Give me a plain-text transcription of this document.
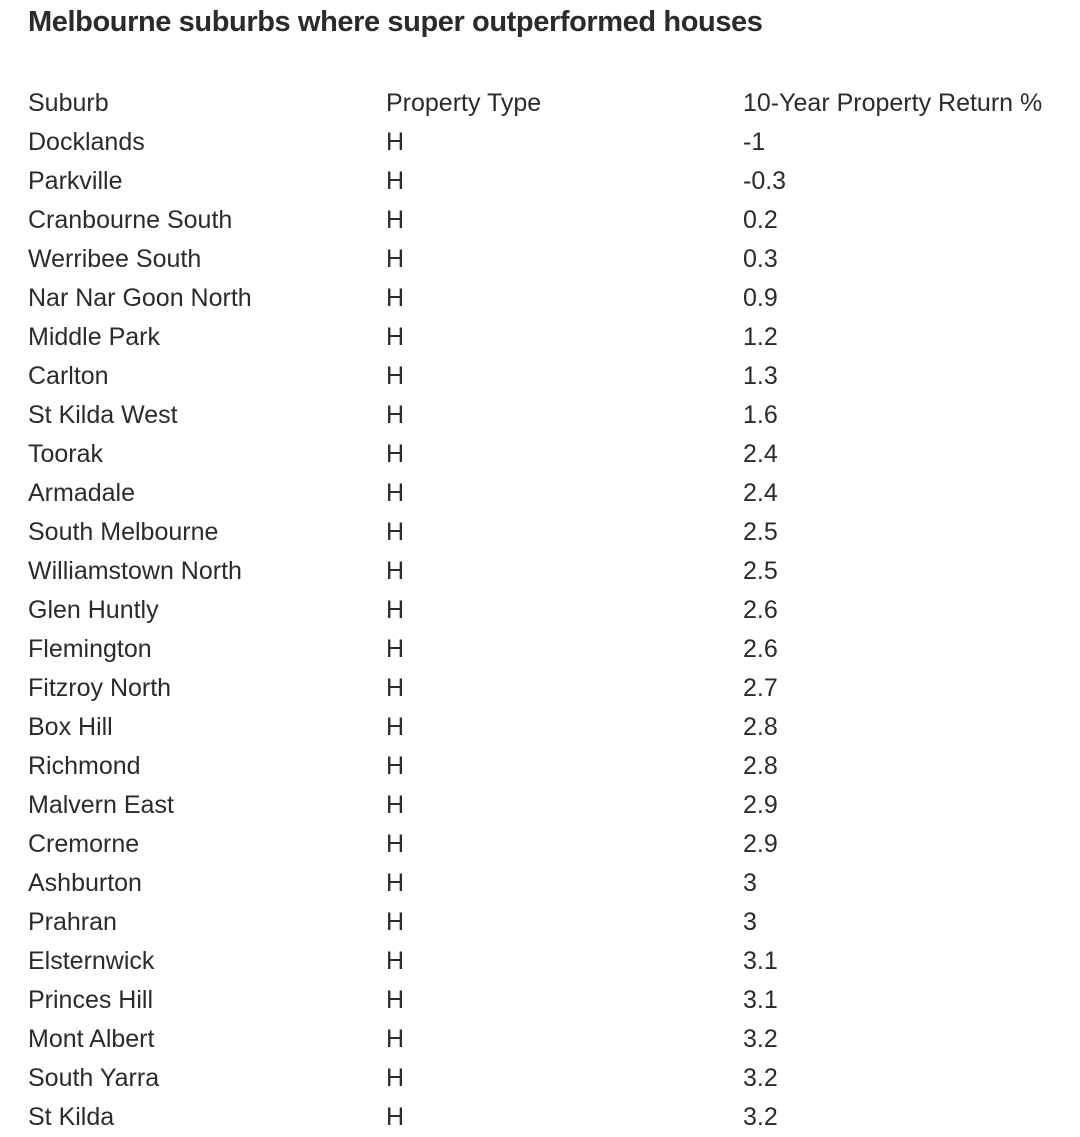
Melbourne suburbs where super outperformed houses
Suburb	Property Type	10-Year Property Return %
Docklands	H	-1
Parkville	H	-0.3
Cranbourne South	H	0.2
Werribee South	H	0.3
Nar Nar Goon North	H	0.9
Middle Park	H	1.2
Carlton	H	1.3
St Kilda West	H	1.6
Toorak	H	2.4
Armadale	H	2.4
South Melbourne	H	2.5
Williamstown North	H	2.5
Glen Huntly	H	2.6
Flemington	H	2.6
Fitzroy North	H	2.7
Box Hill	H	2.8
Richmond	H	2.8
Malvern East	H	2.9
Cremorne	H	2.9
Ashburton	H	3
Prahran	H	3
Elsternwick	H	3.1
Princes Hill	H	3.1
Mont Albert	H	3.2
South Yarra	H	3.2
St Kilda	H	3.2
